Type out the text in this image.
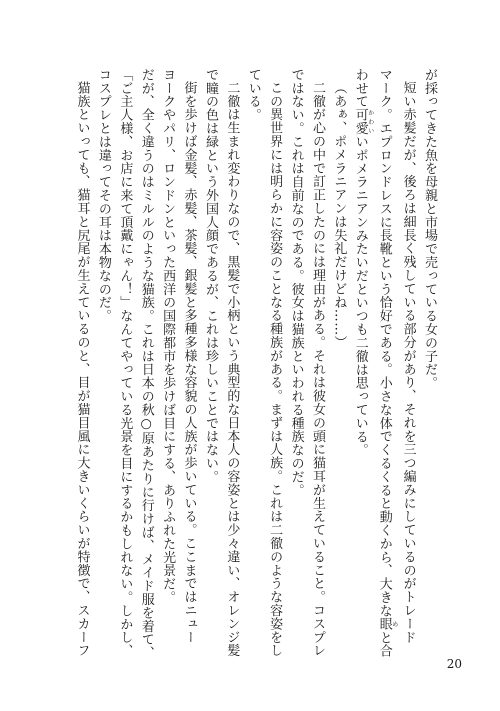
が採ってきた魚を母親と市場で売っている女の子だ。
短い赤髪だが、後ろは細長く残している部分があり、それを三つ編みにしているのがトレード
マーク。エプロンドレスに長靴という恰好である。小さな体でくるくると動くから、大きな眼 めと合
わせて可愛 かわいいポメラニアンみたいだといつも二徹は思っている。
（あぁ、ポメラニアンは失礼だけどね……）
二徹が心の中で訂正したのには理由がある。それは彼女の頭に猫耳が生えていること。コスプレ
ではない。これは自前なのである。彼女は猫族といわれる種族なのだ。
この異世界には明らかに容姿のことなる種族がある。まずは人族。これは二徹のような容姿をし
ている。
二徹は生まれ変わりなので、黒髪で小柄という典型的な日本人の容姿とは少々違い、オレンジ髪
で瞳の色は緑という外国人顔であるが、これは珍しいことではない。
街を歩けば金髪、赤髪、茶髪、銀髪と多種多様な容貌の人族が歩いている。ここまではニュー
ヨークやパリ、ロンドンといった西洋の国際都市を歩けば目にする、ありふれた光景だ。
だが、全く違うのはミルルのような猫族。これは日本の秋○原あたりに行けば、メイド服を着て、
「ご主人様、お店に来て頂戴にゃん！」なんてやっている光景を目にするかもしれない。しかし、
コスプレとは違ってその耳は本物なのだ。
猫族といっても、猫耳と尻尾が生えているのと、目が猫目風に大きいくらいが特徴で、スカーフ
20
